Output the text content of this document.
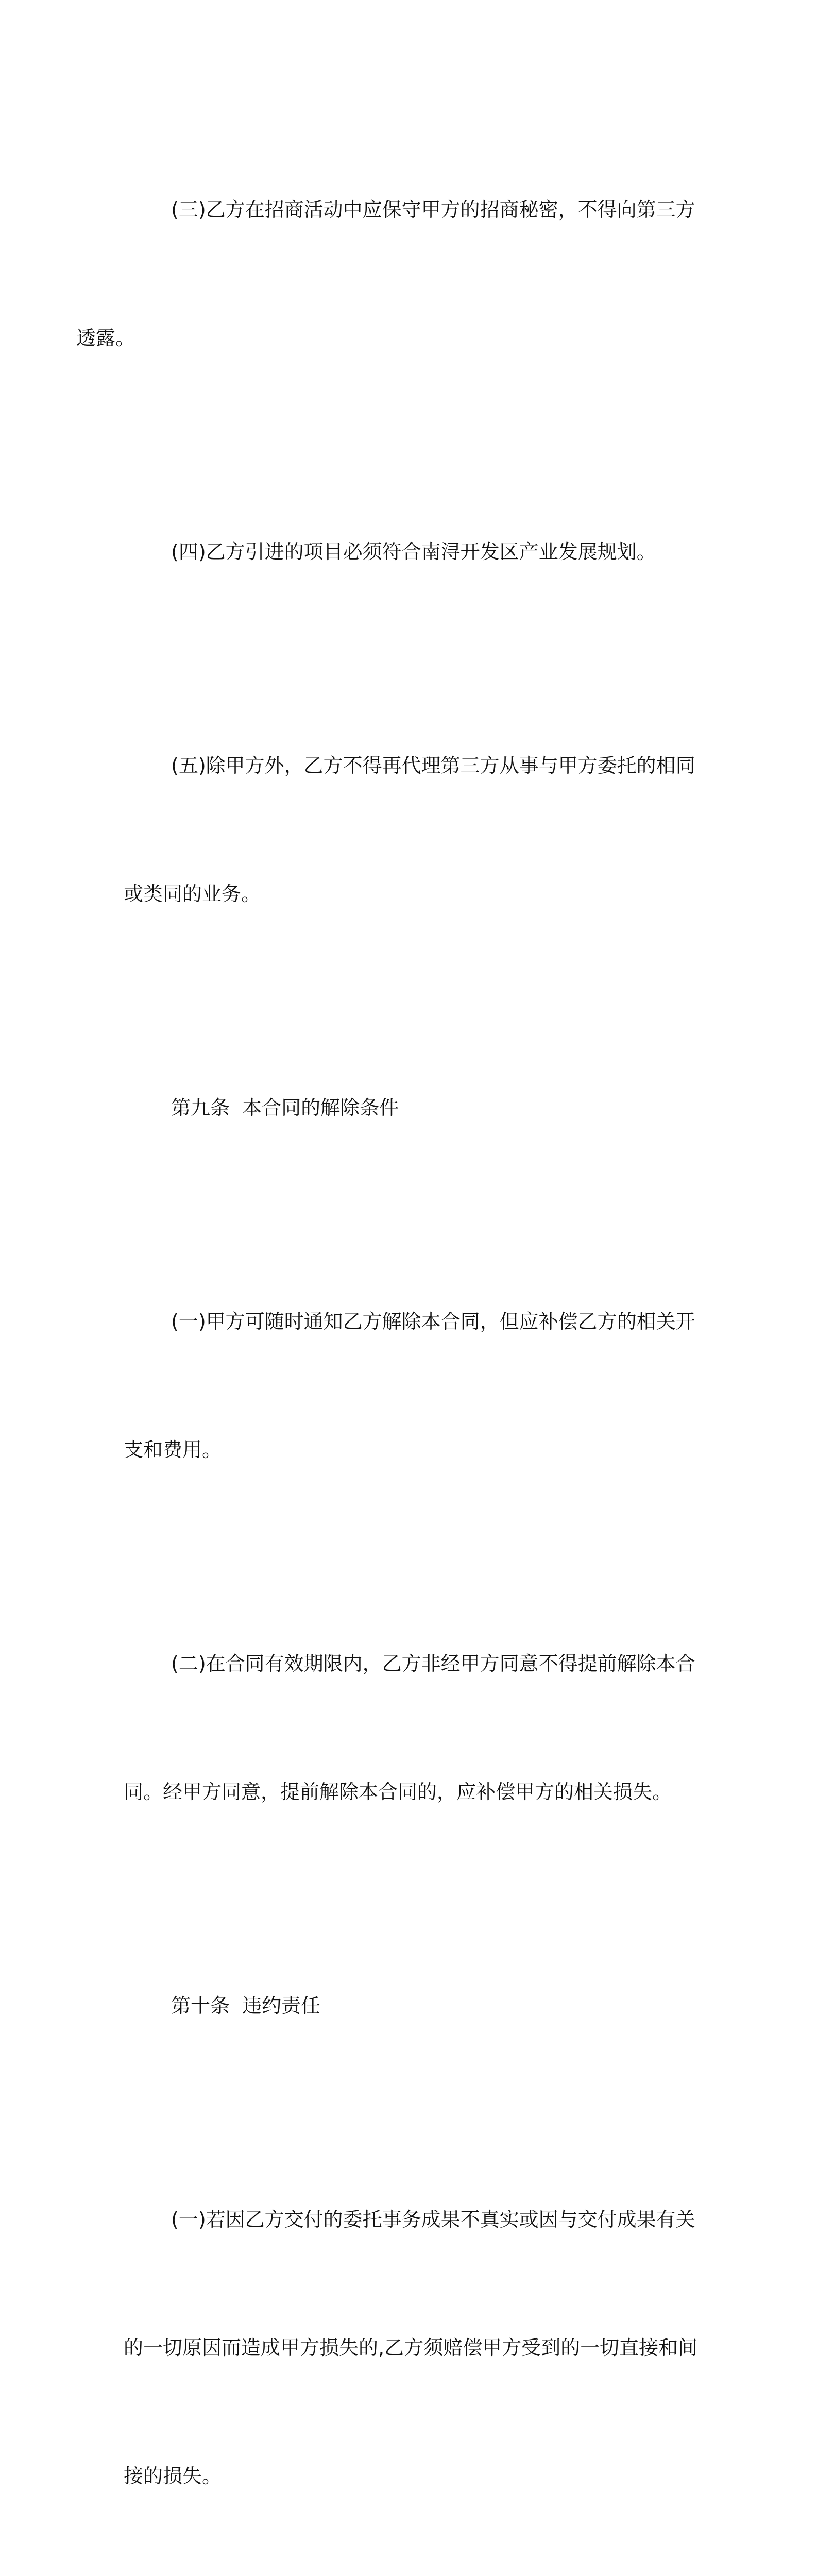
(三)乙方在招商活动中应保守甲方的招商秘密，不得向第三方

透露。

(四)乙方引进的项目必须符合南浔开发区产业发展规划。

(五)除甲方外，乙方不得再代理第三方从事与甲方委托的相同

或类同的业务。

第九条  本合同的解除条件

(一)甲方可随时通知乙方解除本合同，但应补偿乙方的相关开

支和费用。

(二)在合同有效期限内，乙方非经甲方同意不得提前解除本合

同。经甲方同意，提前解除本合同的，应补偿甲方的相关损失。

第十条  违约责任

(一)若因乙方交付的委托事务成果不真实或因与交付成果有关

的一切原因而造成甲方损失的,乙方须赔偿甲方受到的一切直接和间

接的损失。
